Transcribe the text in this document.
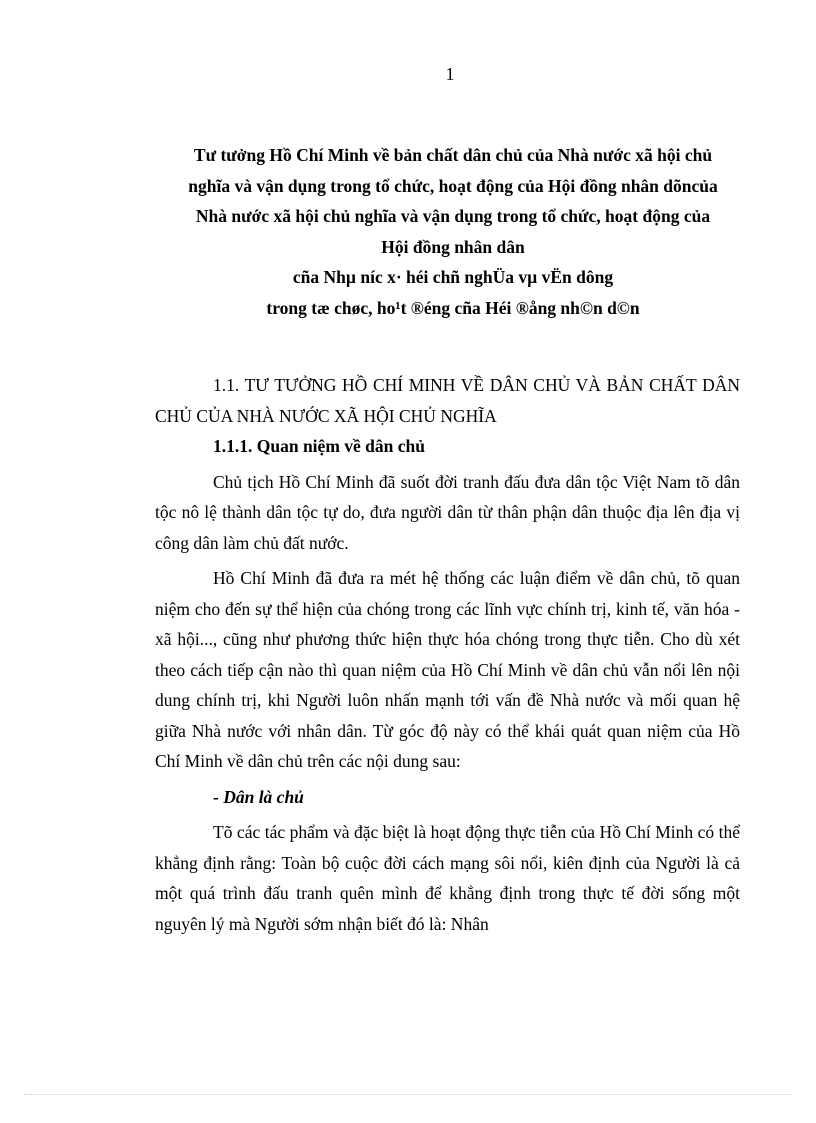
1
Tư tưởng Hồ Chí Minh về bản chất dân chủ của Nhà nước xã hội chủ
nghĩa và vận dụng trong tổ chức, hoạt động của Hội đồng nhân dõncủa
Nhà nước xã hội chủ nghĩa và vận dụng trong tổ chức, hoạt động của
Hội đồng nhân dân
cña Nhµ níc x· héi chñ nghÜa vµ vËn dông
trong tæ chøc, ho¹t ®éng cña Héi ®ång nh©n d©n
1.1. TƯ TƯỞNG HỒ CHÍ MINH VỀ DÂN CHỦ VÀ BẢN CHẤT DÂN CHỦ CỦA NHÀ NƯỚC XÃ HỘI CHỦ NGHĨA
1.1.1. Quan niệm về dân chủ

Chủ tịch Hồ Chí Minh đã suốt đời tranh đấu đưa dân tộc Việt Nam tõ dân tộc nô lệ thành dân tộc tự do, đưa người dân từ thân phận dân thuộc địa lên địa vị công dân làm chủ đất nước.

Hồ Chí Minh đã đưa ra mét hệ thống các luận điểm về dân chủ, tõ quan niệm cho đến sự thể hiện của chóng trong các lĩnh vực chính trị, kinh tế, văn hóa - xã hội..., cũng như phương thức hiện thực hóa chóng trong thực tiễn. Cho dù xét theo cách tiếp cận nào thì quan niệm của Hồ Chí Minh về dân chủ vẫn nổi lên nội dung chính trị, khi Người luôn nhấn mạnh tới vấn đề Nhà nước và mối quan hệ giữa Nhà nước với nhân dân. Từ góc độ này có thể khái quát quan niệm của Hồ Chí Minh về dân chủ trên các nội dung sau:

- Dân là chủ

Tõ các tác phẩm và đặc biệt là hoạt động thực tiễn của Hồ Chí Minh có thể khẳng định rằng: Toàn bộ cuộc đời cách mạng sôi nổi, kiên định của Người là cả một quá trình đấu tranh quên mình để khẳng định trong thực tế đời sống một nguyên lý mà Người sớm nhận biết đó là: Nhân
